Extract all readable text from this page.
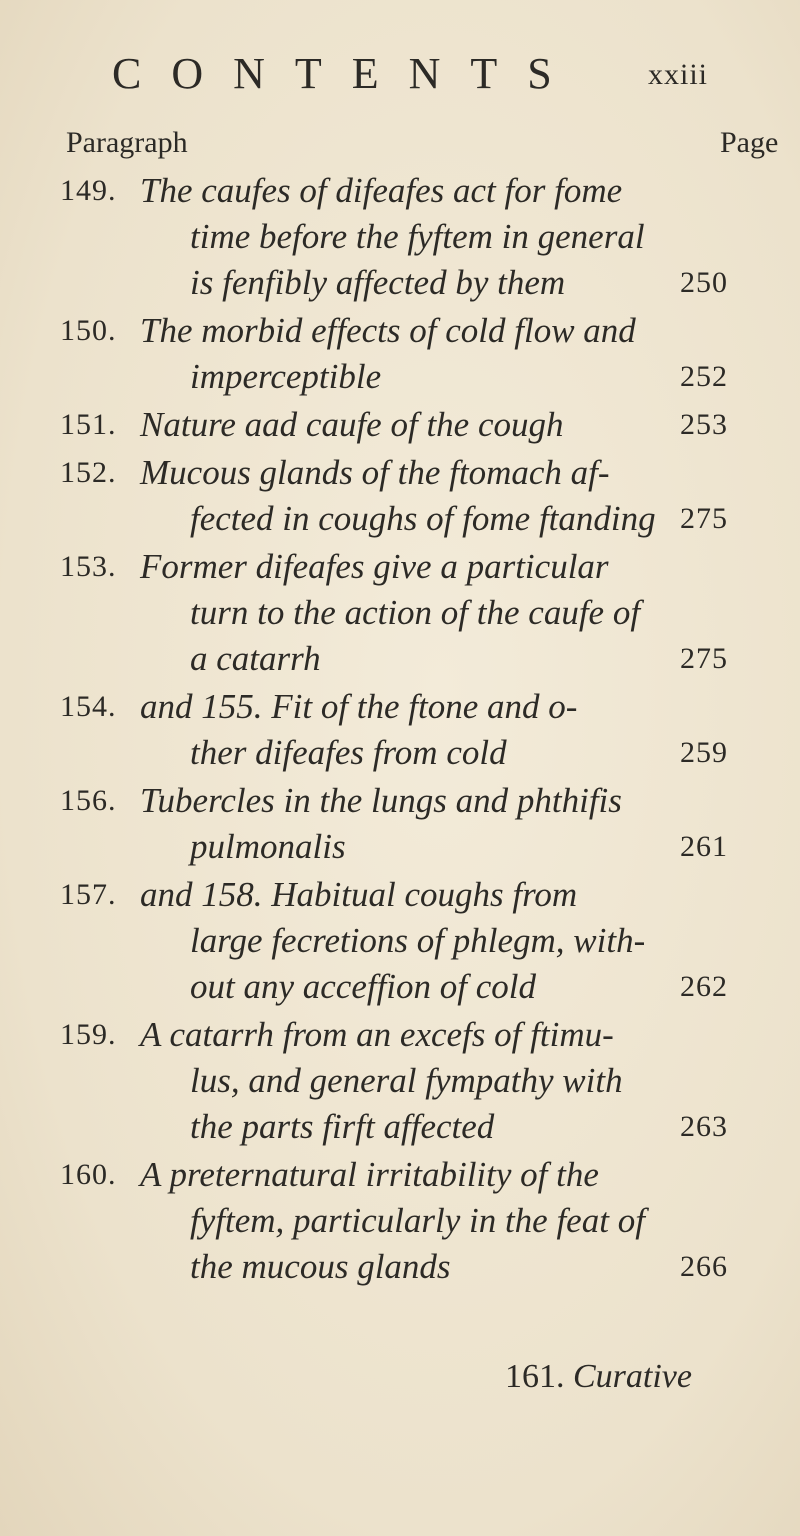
CONTENTS	xxiii
Paragraph	Page
149. The caufes of difeafes act for fome
time before the fyftem in general
is fenfibly affected by them	250
150. The morbid effects of cold flow and
imperceptible	252
151. Nature aad caufe of the cough	253
152. Mucous glands of the ftomach af-
fected in coughs of fome ftanding 275
153. Former difeafes give a particular
turn to the action of the caufe of
a catarrh	275
154. and 155. Fit of the ftone and o-
ther difeafes from cold	259
156. Tubercles in the lungs and phthifis
pulmonalis	261
157. and 158. Habitual coughs from
large fecretions of phlegm, with-
out any acceffion of cold	262
159. A catarrh from an excefs of ftimu-
lus, and general fympathy with
the parts firft affected	263
160. A preternatural irritability of the
fyftem, particularly in the feat of
the mucous glands	266
161. Curative
